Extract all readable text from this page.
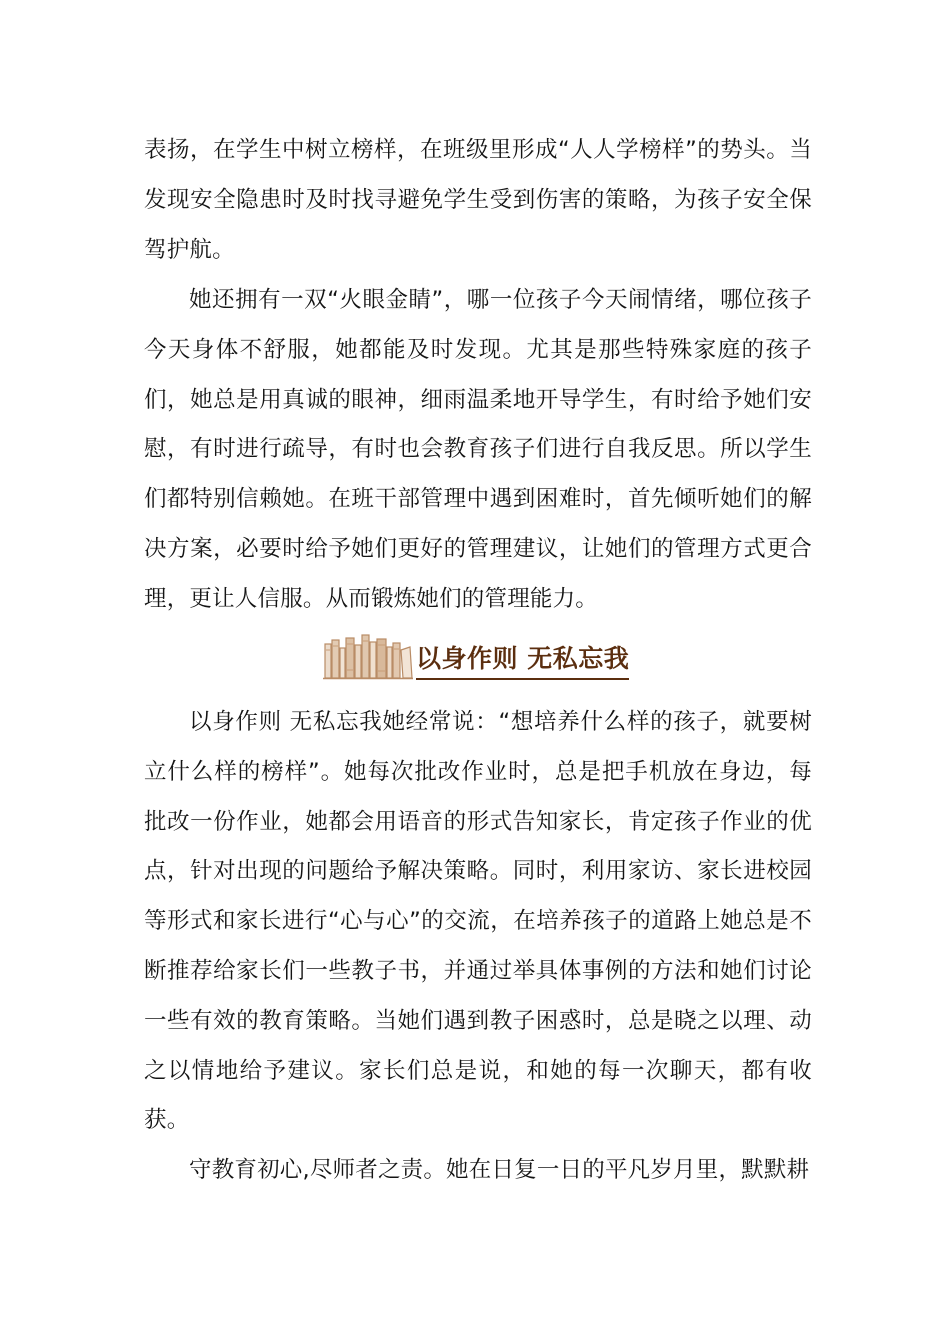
表扬，在学生中树立榜样，在班级里形成“人人学榜样”的势头。当发现安全隐患时及时找寻避免学生受到伤害的策略，为孩子安全保驾护航。

她还拥有一双“火眼金睛”，哪一位孩子今天闹情绪，哪位孩子今天身体不舒服，她都能及时发现。尤其是那些特殊家庭的孩子们，她总是用真诚的眼神，细雨温柔地开导学生，有时给予她们安慰，有时进行疏导，有时也会教育孩子们进行自我反思。所以学生们都特别信赖她。在班干部管理中遇到困难时，首先倾听她们的解决方案，必要时给予她们更好的管理建议，让她们的管理方式更合理，更让人信服。从而锻炼她们的管理能力。

以身作则 无私忘我

以身作则 无私忘我她经常说：“想培养什么样的孩子，就要树立什么样的榜样”。她每次批改作业时，总是把手机放在身边，每批改一份作业，她都会用语音的形式告知家长，肯定孩子作业的优点，针对出现的问题给予解决策略。同时，利用家访、家长进校园等形式和家长进行“心与心”的交流，在培养孩子的道路上她总是不断推荐给家长们一些教子书，并通过举具体事例的方法和她们讨论一些有效的教育策略。当她们遇到教子困惑时，总是晓之以理、动之以情地给予建议。家长们总是说，和她的每一次聊天，都有收获。

守教育初心,尽师者之责。她在日复一日的平凡岁月里，默默耕
